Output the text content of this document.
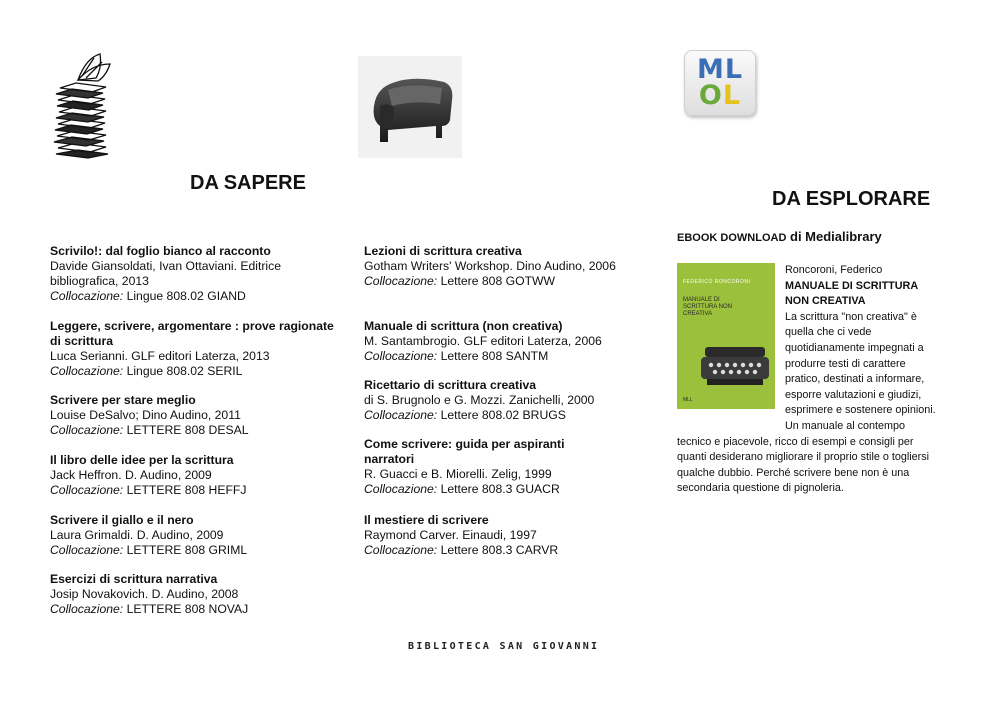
ML
OL
DA SAPERE
DA ESPLORARE
Scrivilo!: dal foglio bianco al racconto
Davide Giansoldati, Ivan Ottaviani. Editrice bibliografica, 2013
Collocazione: Lingue 808.02 GIAND
Leggere, scrivere, argomentare : prove ragionate di scrittura
Luca Serianni. GLF editori Laterza, 2013
Collocazione: Lingue 808.02 SERIL
Scrivere per stare meglio
Louise DeSalvo; Dino Audino, 2011
Collocazione: LETTERE 808 DESAL
Il libro delle idee per la scrittura
Jack Heffron. D. Audino, 2009
Collocazione: LETTERE 808 HEFFJ
Scrivere il giallo e il nero
Laura Grimaldi. D. Audino, 2009
Collocazione: LETTERE 808 GRIML
Esercizi di scrittura narrativa
Josip Novakovich. D. Audino, 2008
Collocazione: LETTERE 808 NOVAJ
Lezioni di scrittura creativa
Gotham Writers' Workshop. Dino Audino, 2006
Collocazione: Lettere 808 GOTWW
Manuale di scrittura (non creativa)
M. Santambrogio. GLF editori Laterza, 2006
Collocazione: Lettere 808 SANTM
Ricettario di scrittura creativa
di S. Brugnolo e G. Mozzi. Zanichelli, 2000
Collocazione: Lettere 808.02 BRUGS
Come scrivere: guida per aspiranti narratori
R. Guacci e B. Miorelli. Zelig, 1999
Collocazione: Lettere 808.3 GUACR
Il mestiere di scrivere
Raymond Carver. Einaudi, 1997
Collocazione: Lettere 808.3 CARVR
EBOOK DOWNLOAD di Medialibrary
FEDERICO RONCORONI
MANUALE DI SCRITTURA NON CREATIVA
MLL
Roncoroni, Federico
MANUALE DI SCRITTURA NON CREATIVA
La scrittura "non creativa" è quella che ci vede quotidianamente impegnati a produrre testi di carattere pratico, destinati a informare, esporre valutazioni e giudizi, esprimere e sostenere opinioni. Un manuale al contempo tecnico e piacevole, ricco di esempi e consigli per quanti desiderano migliorare il proprio stile o togliersi qualche dubbio. Perché scrivere bene non è una secondaria questione di pignoleria.
BIBLIOTECA SAN GIOVANNI
